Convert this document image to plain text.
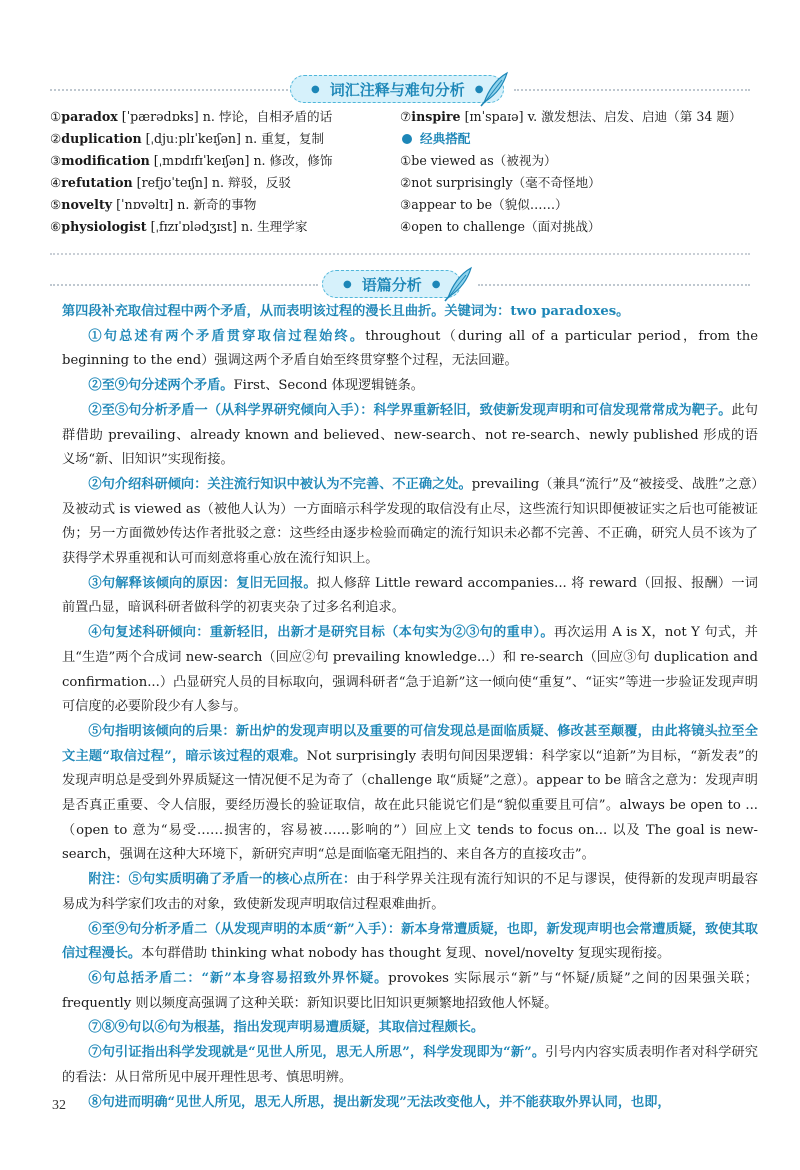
● 词汇注释与难句分析 ●
①paradox [ˈpærədɒks] n. 悖论，自相矛盾的话
②duplication [ˌdjuːplɪˈkeɪʃən] n. 重复，复制
③modification [ˌmɒdɪfɪˈkeɪʃən] n. 修改，修饰
④refutation [refjʊˈteɪʃn] n. 辩驳，反驳
⑤novelty [ˈnɒvəltɪ] n. 新奇的事物
⑥physiologist [ˌfɪzɪˈɒlədʒɪst] n. 生理学家
⑦inspire [ɪnˈspaɪə] v. 激发想法、启发、启迪（第 34 题）
经典搭配
①be viewed as（被视为）
②not surprisingly（毫不奇怪地）
③appear to be（貌似……）
④open to challenge（面对挑战）
● 语篇分析 ●

第四段补充取信过程中两个矛盾，从而表明该过程的漫长且曲折。关键词为：two paradoxes。

①句总述有两个矛盾贯穿取信过程始终。throughout（during all of a particular period，from the beginning to the end）强调这两个矛盾自始至终贯穿整个过程，无法回避。

②至⑨句分述两个矛盾。First、Second 体现逻辑链条。

②至⑤句分析矛盾一（从科学界研究倾向入手）：科学界重新轻旧，致使新发现声明和可信发现常常成为靶子。此句群借助 prevailing、already known and believed、new-search、not re-search、newly published 形成的语义场“新、旧知识”实现衔接。

②句介绍科研倾向：关注流行知识中被认为不完善、不正确之处。prevailing（兼具“流行”及“被接受、战胜”之意）及被动式 is viewed as（被他人认为）一方面暗示科学发现的取信没有止尽，这些流行知识即便被证实之后也可能被证伪；另一方面微妙传达作者批驳之意：这些经由逐步检验而确定的流行知识未必都不完善、不正确，研究人员不该为了获得学术界重视和认可而刻意将重心放在流行知识上。

③句解释该倾向的原因：复旧无回报。拟人修辞 Little reward accompanies... 将 reward（回报、报酬）一词前置凸显，暗讽科研者做科学的初衷夹杂了过多名利追求。

④句复述科研倾向：重新轻旧，出新才是研究目标（本句实为②③句的重申）。再次运用 A is X，not Y 句式，并且“生造”两个合成词 new-search（回应②句 prevailing knowledge...）和 re-search（回应③句 duplication and confirmation...）凸显研究人员的目标取向，强调科研者“急于追新”这一倾向使“重复”、“证实”等进一步验证发现声明可信度的必要阶段少有人参与。

⑤句指明该倾向的后果：新出炉的发现声明以及重要的可信发现总是面临质疑、修改甚至颠覆，由此将镜头拉至全文主题“取信过程”，暗示该过程的艰难。Not surprisingly 表明句间因果逻辑：科学家以“追新”为目标，“新发表”的发现声明总是受到外界质疑这一情况便不足为奇了（challenge 取“质疑”之意）。appear to be 暗含之意为：发现声明是否真正重要、令人信服，要经历漫长的验证取信，故在此只能说它们是“貌似重要且可信”。always be open to ...（open to 意为“易受……损害的，容易被……影响的”）回应上文 tends to focus on... 以及 The goal is new-search，强调在这种大环境下，新研究声明“总是面临毫无阻挡的、来自各方的直接攻击”。

附注：⑤句实质明确了矛盾一的核心点所在：由于科学界关注现有流行知识的不足与谬误，使得新的发现声明最容易成为科学家们攻击的对象，致使新发现声明取信过程艰难曲折。

⑥至⑨句分析矛盾二（从发现声明的本质“新”入手）：新本身常遭质疑，也即，新发现声明也会常遭质疑，致使其取信过程漫长。本句群借助 thinking what nobody has thought 复现、novel/novelty 复现实现衔接。

⑥句总括矛盾二：“新”本身容易招致外界怀疑。provokes 实际展示“新”与“怀疑/质疑”之间的因果强关联；frequently 则以频度高强调了这种关联：新知识要比旧知识更频繁地招致他人怀疑。

⑦⑧⑨句以⑥句为根基，指出发现声明易遭质疑，其取信过程颇长。

⑦句引证指出科学发现就是“见世人所见，思无人所思”，科学发现即为“新”。引号内内容实质表明作者对科学研究的看法：从日常所见中展开理性思考、慎思明辨。

⑧句进而明确“见世人所见，思无人所思，提出新发现”无法改变他人，并不能获取外界认同，也即，

32
